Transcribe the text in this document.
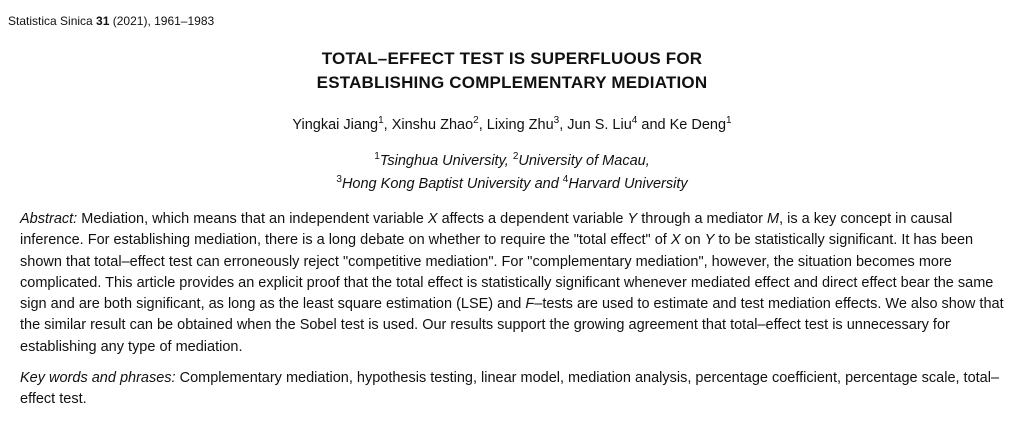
Statistica Sinica 31 (2021), 1961–1983
TOTAL–EFFECT TEST IS SUPERFLUOUS FOR
ESTABLISHING COMPLEMENTARY MEDIATION
Yingkai Jiang$^1$, Xinshu Zhao$^2$, Lixing Zhu$^3$, Jun S. Liu$^4$ and Ke Deng$^1$
$^1$Tsinghua University, $^2$University of Macau,
$^3$Hong Kong Baptist University and $^4$Harvard University
Abstract: Mediation, which means that an independent variable X affects a dependent variable Y through a mediator M, is a key concept in causal inference. For establishing mediation, there is a long debate on whether to require the "total effect" of X on Y to be statistically significant. It has been shown that total–effect test can erroneously reject "competitive mediation". For "complementary mediation", however, the situation becomes more complicated. This article provides an explicit proof that the total effect is statistically significant whenever mediated effect and direct effect bear the same sign and are both significant, as long as the least square estimation (LSE) and F–tests are used to estimate and test mediation effects. We also show that the similar result can be obtained when the Sobel test is used. Our results support the growing agreement that total–effect test is unnecessary for establishing any type of mediation.
Key words and phrases: Complementary mediation, hypothesis testing, linear model, mediation analysis, percentage coefficient, percentage scale, total–effect test.
